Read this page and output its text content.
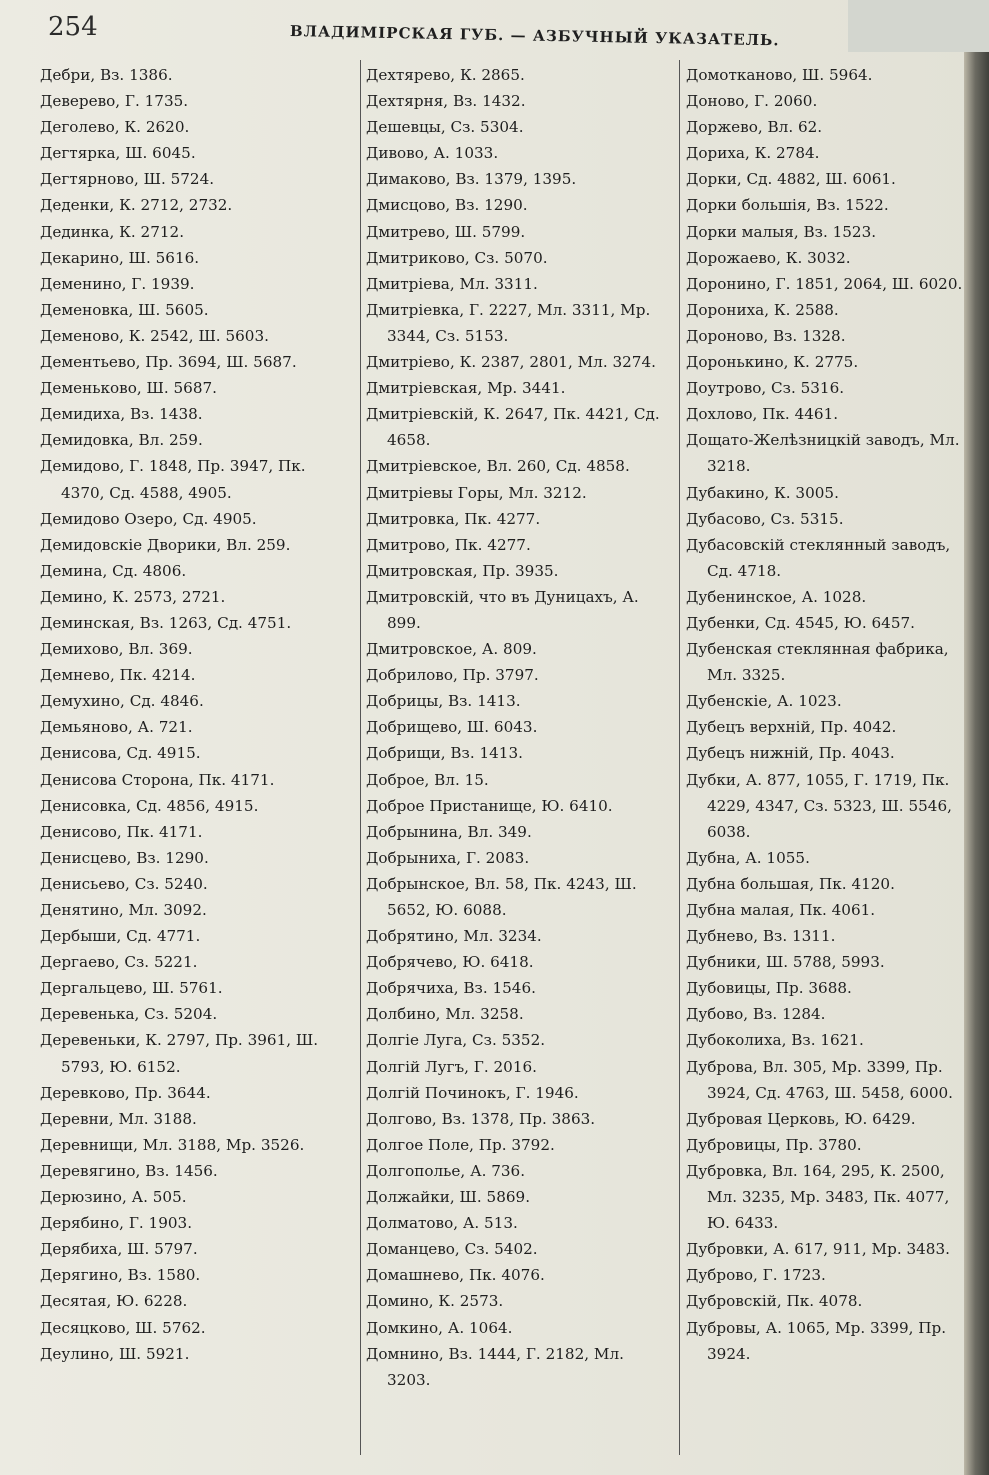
254	ВЛАДИМIРСКАЯ ГУБ. — АЗБУЧНЫЙ УКАЗАТЕЛЬ.

Дебри, Вз. 1386.

Деверево, Г. 1735.

Деголево, К. 2620.

Дегтярка, Ш. 6045.

Дегтярново, Ш. 5724.

Деденки, К. 2712, 2732.

Дединка, К. 2712.

Декарино, Ш. 5616.

Деменино, Г. 1939.

Деменовка, Ш. 5605.

Деменово, К. 2542, Ш. 5603.

Дементьево, Пр. 3694, Ш. 5687.

Деменьково, Ш. 5687.

Демидиха, Вз. 1438.

Демидовка, Вл. 259.

Демидово, Г. 1848, Пр. 3947, Пк. 4370, Сд. 4588, 4905.

Демидово Озеро, Сд. 4905.

Демидовскiе Дворики, Вл. 259.

Демина, Сд. 4806.

Демино, К. 2573, 2721.

Деминская, Вз. 1263, Сд. 4751.

Демихово, Вл. 369.

Демнево, Пк. 4214.

Демухино, Сд. 4846.

Демьяново, А. 721.

Денисова, Сд. 4915.

Денисова Сторона, Пк. 4171.

Денисовка, Сд. 4856, 4915.

Денисово, Пк. 4171.

Денисцево, Вз. 1290.

Денисьево, Сз. 5240.

Денятино, Мл. 3092.

Дербыши, Сд. 4771.

Дергаево, Сз. 5221.

Дергальцево, Ш. 5761.

Деревенька, Сз. 5204.

Деревеньки, К. 2797, Пр. 3961, Ш. 5793, Ю. 6152.

Деревково, Пр. 3644.

Деревни, Мл. 3188.

Деревнищи, Мл. 3188, Мр. 3526.

Деревягино, Вз. 1456.

Дерюзино, А. 505.

Дерябино, Г. 1903.

Дерябиха, Ш. 5797.

Дерягино, Вз. 1580.

Десятая, Ю. 6228.

Десяцково, Ш. 5762.

Деулино, Ш. 5921.

Дехтярево, К. 2865.

Дехтярня, Вз. 1432.

Дешевцы, Сз. 5304.

Дивово, А. 1033.

Димаково, Вз. 1379, 1395.

Дмисцово, Вз. 1290.

Дмитрево, Ш. 5799.

Дмитриково, Сз. 5070.

Дмитрiева, Мл. 3311.

Дмитрiевка, Г. 2227, Мл. 3311, Мр. 3344, Сз. 5153.

Дмитрiево, К. 2387, 2801, Мл. 3274.

Дмитрiевская, Мр. 3441.

Дмитрiевскiй, К. 2647, Пк. 4421, Сд. 4658.

Дмитрiевское, Вл. 260, Сд. 4858.

Дмитрiевы Горы, Мл. 3212.

Дмитровка, Пк. 4277.

Дмитрово, Пк. 4277.

Дмитровская, Пр. 3935.

Дмитровскiй, что въ Дуницахъ, А. 899.

Дмитровское, А. 809.

Добрилово, Пр. 3797.

Добрицы, Вз. 1413.

Добрищево, Ш. 6043.

Добрищи, Вз. 1413.

Доброе, Вл. 15.

Доброе Пристанище, Ю. 6410.

Добрынина, Вл. 349.

Добрыниха, Г. 2083.

Добрынское, Вл. 58, Пк. 4243, Ш. 5652, Ю. 6088.

Добрятино, Мл. 3234.

Добрячево, Ю. 6418.

Добрячиха, Вз. 1546.

Долбино, Мл. 3258.

Долгiе Луга, Сз. 5352.

Долгiй Лугъ, Г. 2016.

Долгiй Починокъ, Г. 1946.

Долгово, Вз. 1378, Пр. 3863.

Долгое Поле, Пр. 3792.

Долгополье, А. 736.

Должайки, Ш. 5869.

Долматово, А. 513.

Доманцево, Сз. 5402.

Домашнево, Пк. 4076.

Домино, К. 2573.

Домкино, А. 1064.

Домнино, Вз. 1444, Г. 2182, Мл. 3203.

Домотканово, Ш. 5964.

Доново, Г. 2060.

Доржево, Вл. 62.

Дориха, К. 2784.

Дорки, Сд. 4882, Ш. 6061.

Дорки большiя, Вз. 1522.

Дорки малыя, Вз. 1523.

Дорожаево, К. 3032.

Доронино, Г. 1851, 2064, Ш. 6020.

Дорониха, К. 2588.

Дороново, Вз. 1328.

Доронькино, К. 2775.

Доутрово, Сз. 5316.

Дохлово, Пк. 4461.

Дощато-Желѣзницкiй заводъ, Мл. 3218.

Дубакино, К. 3005.

Дубасово, Сз. 5315.

Дубасовскiй стеклянный заводъ, Сд. 4718.

Дубенинское, А. 1028.

Дубенки, Сд. 4545, Ю. 6457.

Дубенская стеклянная фабрика, Мл. 3325.

Дубенскiе, А. 1023.

Дубецъ верхнiй, Пр. 4042.

Дубецъ нижнiй, Пр. 4043.

Дубки, А. 877, 1055, Г. 1719, Пк. 4229, 4347, Сз. 5323, Ш. 5546, 6038.

Дубна, А. 1055.

Дубна большая, Пк. 4120.

Дубна малая, Пк. 4061.

Дубнево, Вз. 1311.

Дубники, Ш. 5788, 5993.

Дубовицы, Пр. 3688.

Дубово, Вз. 1284.

Дубоколиха, Вз. 1621.

Дуброва, Вл. 305, Мр. 3399, Пр. 3924, Сд. 4763, Ш. 5458, 6000.

Дубровая Церковь, Ю. 6429.

Дубровицы, Пр. 3780.

Дубровка, Вл. 164, 295, К. 2500, Мл. 3235, Мр. 3483, Пк. 4077, Ю. 6433.

Дубровки, А. 617, 911, Мр. 3483.

Дуброво, Г. 1723.

Дубровскiй, Пк. 4078.

Дубровы, А. 1065, Мр. 3399, Пр. 3924.
